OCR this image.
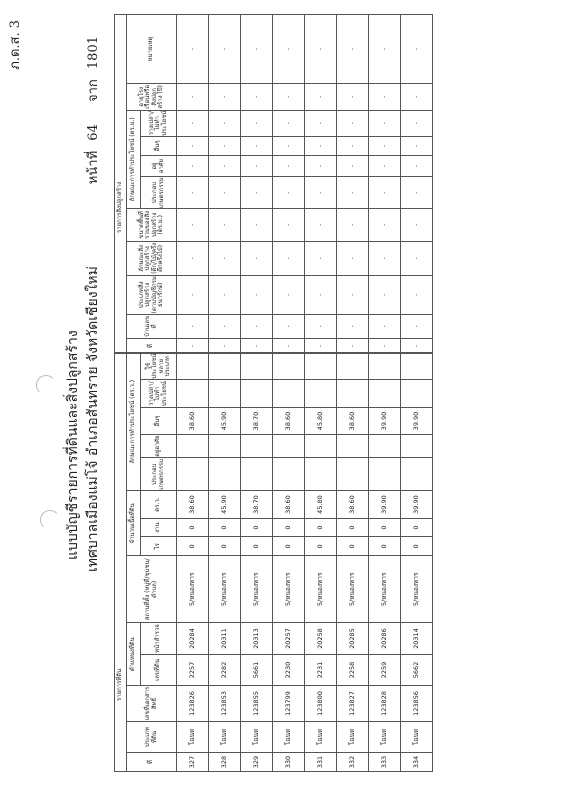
ภ.ด.ส. 3
แบบบัญชีรายการที่ดินและสิ่งปลูกสร้าง เทศบาลเมืองแม่โจ้ อำเภอสันทราย จังหวัดเชียงใหม่
หน้าที่ 64 จาก 1801
รายการที่ดิน													
ที่	ประเภทที่ดิน	เลขที่เอกสารสิทธิ์	ตำแหน่งที่ดิน		สถานที่ตั้ง (หมู่ที่/ชุมชน/ตำบล)	จำนวนเนื้อที่ดิน			ลักษณะการทำประโยชน์ (ตร.ว.)				
			เลขที่ดิน	หน้าสำรวจ		ไร่	งาน	ตร.ว.	ประกอบเกษตรกรรม	อยู่อาศัย	อื่นๆ	ว่างเปล่า/ไม่ทำประโยชน์	ใช้ประโยชน์หลายประเภท
327	โฉนด	123826	2257	20284	5/หนองหาร	0	0	38.60			38.60		
328	โฉนด	123853	2282	20311	5/หนองหาร	0	0	45.90			45.90		
329	โฉนด	123855	5661	20313	5/หนองหาร	0	0	38.70			38.70		
330	โฉนด	123799	2230	20257	5/หนองหาร	0	0	38.60			38.60		
331	โฉนด	123800	2231	20258	5/หนองหาร	0	0	45.80			45.80		
332	โฉนด	123827	2258	20285	5/หนองหาร	0	0	38.60			38.60		
333	โฉนด	123828	2259	20286	5/หนองหาร	0	0	39.90			39.90		
334	โฉนด	123856	5662	20314	5/หนองหาร	0	0	39.90			39.90		
รายการสิ่งปลูกสร้าง										
ที่	บ้านเลขที่	ประเภทสิ่งปลูกสร้าง (ตามบัญชีกรมธนารักษ์)	ลักษณะสิ่งปลูกสร้าง (ตึก/ไม้/ครึ่งตึกครึ่งไม้)	ขนาดพื้นที่รวมของสิ่งปลูกสร้าง (ตร.ม.)	ลักษณะการทำประโยชน์ (ตร.ม.)				อายุโรงเรือนหรือสิ่งปลูกสร้าง (ปี)	หมายเหตุ
					ประกอบเกษตรกรรม	อยู่อาศัย	อื่นๆ	ว่างเปล่า/ไม่ทำประโยชน์		
-	-	-	-	-	-	-	-	-	-	-
-	-	-	-	-	-	-	-	-	-	-
-	-	-	-	-	-	-	-	-	-	-
-	-	-	-	-	-	-	-	-	-	-
-	-	-	-	-	-	-	-	-	-	-
-	-	-	-	-	-	-	-	-	-	-
-	-	-	-	-	-	-	-	-	-	-
-	-	-	-	-	-	-	-	-	-	-
